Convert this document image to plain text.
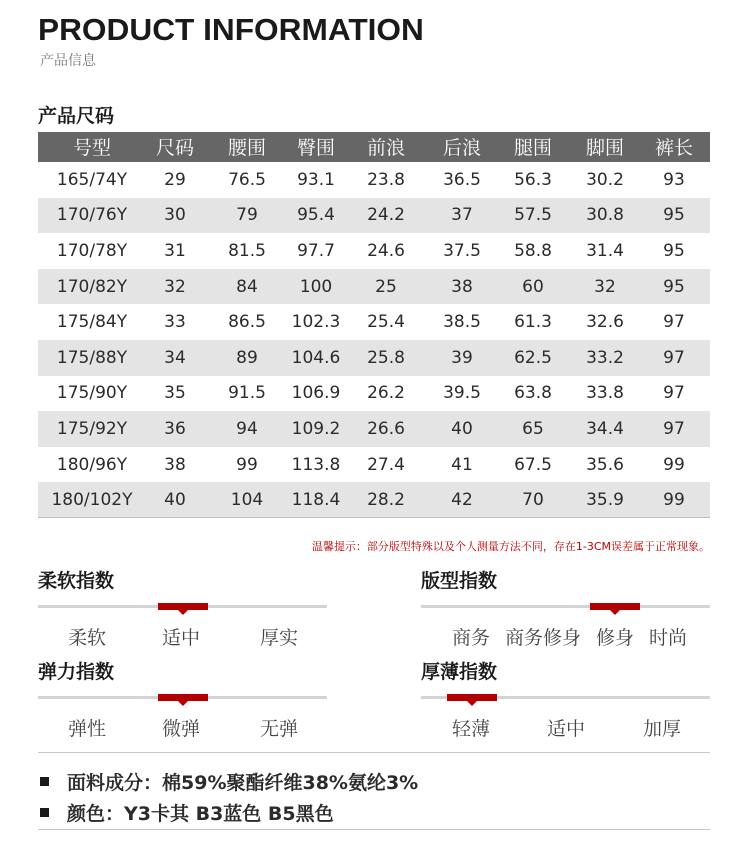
PRODUCT INFORMATION
产品信息
产品尺码
号型	尺码	腰围	臀围	前浪	后浪	腿围	脚围	裤长
165/74Y	29	76.5	93.1	23.8	36.5	56.3	30.2	93
170/76Y	30	79	95.4	24.2	37	57.5	30.8	95
170/78Y	31	81.5	97.7	24.6	37.5	58.8	31.4	95
170/82Y	32	84	100	25	38	60	32	95
175/84Y	33	86.5	102.3	25.4	38.5	61.3	32.6	97
175/88Y	34	89	104.6	25.8	39	62.5	33.2	97
175/90Y	35	91.5	106.9	26.2	39.5	63.8	33.8	97
175/92Y	36	94	109.2	26.6	40	65	34.4	97
180/96Y	38	99	113.8	27.4	41	67.5	35.6	99
180/102Y	40	104	118.4	28.2	42	70	35.9	99
温馨提示：部分版型特殊以及个人测量方法不同，存在1-3CM误差属于正常现象。
柔软指数
柔软	适中	厚实
版型指数
商务 商务修身 修身 时尚
弹力指数
弹性	微弹	无弹
厚薄指数
轻薄	适中	加厚
面料成分：棉59%聚酯纤维38%氨纶3%
颜色：Y3卡其 B3蓝色 B5黑色
